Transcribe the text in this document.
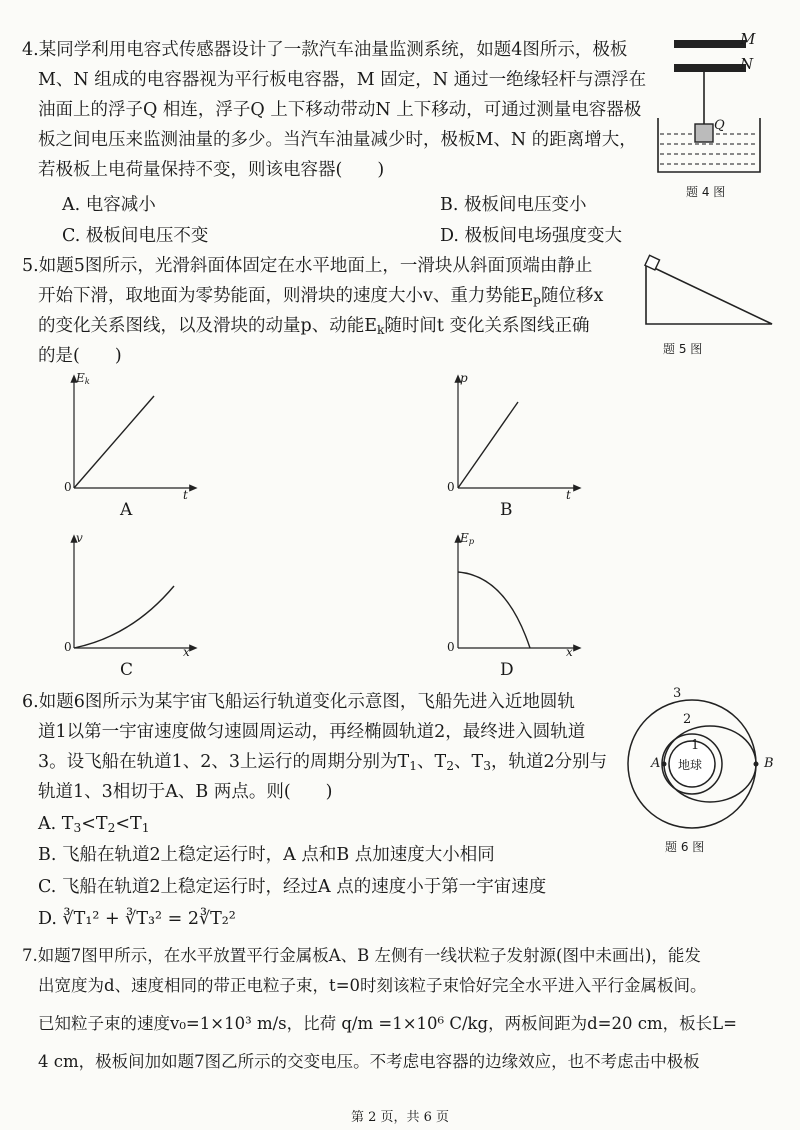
4.某同学利用电容式传感器设计了一款汽车油量监测系统，如题4图所示，极板
M、N 组成的电容器视为平行板电容器，M 固定，N 通过一绝缘轻杆与漂浮在
油面上的浮子Q 相连，浮子Q 上下移动带动N 上下移动，可通过测量电容器极
板之间电压来监测油量的多少。当汽车油量减少时，极板M、N 的距离增大，
若极板上电荷量保持不变，则该电容器(　　)
A. 电容减小	B. 极板间电压变小
C. 极板间电压不变	D. 极板间电场强度变大
M
N
Q
题 4 图
5.如题5图所示，光滑斜面体固定在水平地面上，一滑块从斜面顶端由静止
开始下滑，取地面为零势能面，则滑块的速度大小v、重力势能$E_p$随位移x
的变化关系图线，以及滑块的动量p、动能$E_k$随时间t 变化关系图线正确
的是(　　)	题 5 图
$E_k$
t
0
A
p
t
0
B
v
x
0
C
$E_p$
x
0
D
6.如题6图所示为某宇宙飞船运行轨道变化示意图，飞船先进入近地圆轨
道1以第一宇宙速度做匀速圆周运动，再经椭圆轨道2，最终进入圆轨道
3。设飞船在轨道1、2、3上运行的周期分别为$T_1$、$T_2$、$T_3$，轨道2分别与
轨道1、3相切于A、B 两点。则(　　)
A. $T_3<T_2<T_1$
B. 飞船在轨道2上稳定运行时，A 点和B 点加速度大小相同
C. 飞船在轨道2上稳定运行时，经过A 点的速度小于第一宇宙速度
D. ∛T₁² + ∛T₃² = 2∛T₂²
3
2
1
A	B
地球
题 6 图
7.如题7图甲所示，在水平放置平行金属板A、B 左侧有一线状粒子发射源(图中未画出)，能发
出宽度为d、速度相同的带正电粒子束，t=0时刻该粒子束恰好完全水平进入平行金属板间。
已知粒子束的速度v₀=1×10³ m/s，比荷 q/m =1×10⁶ C/kg，两板间距为d=20 cm，板长L=
4 cm，极板间加如题7图乙所示的交变电压。不考虑电容器的边缘效应，也不考虑击中极板
第 2 页，共 6 页
